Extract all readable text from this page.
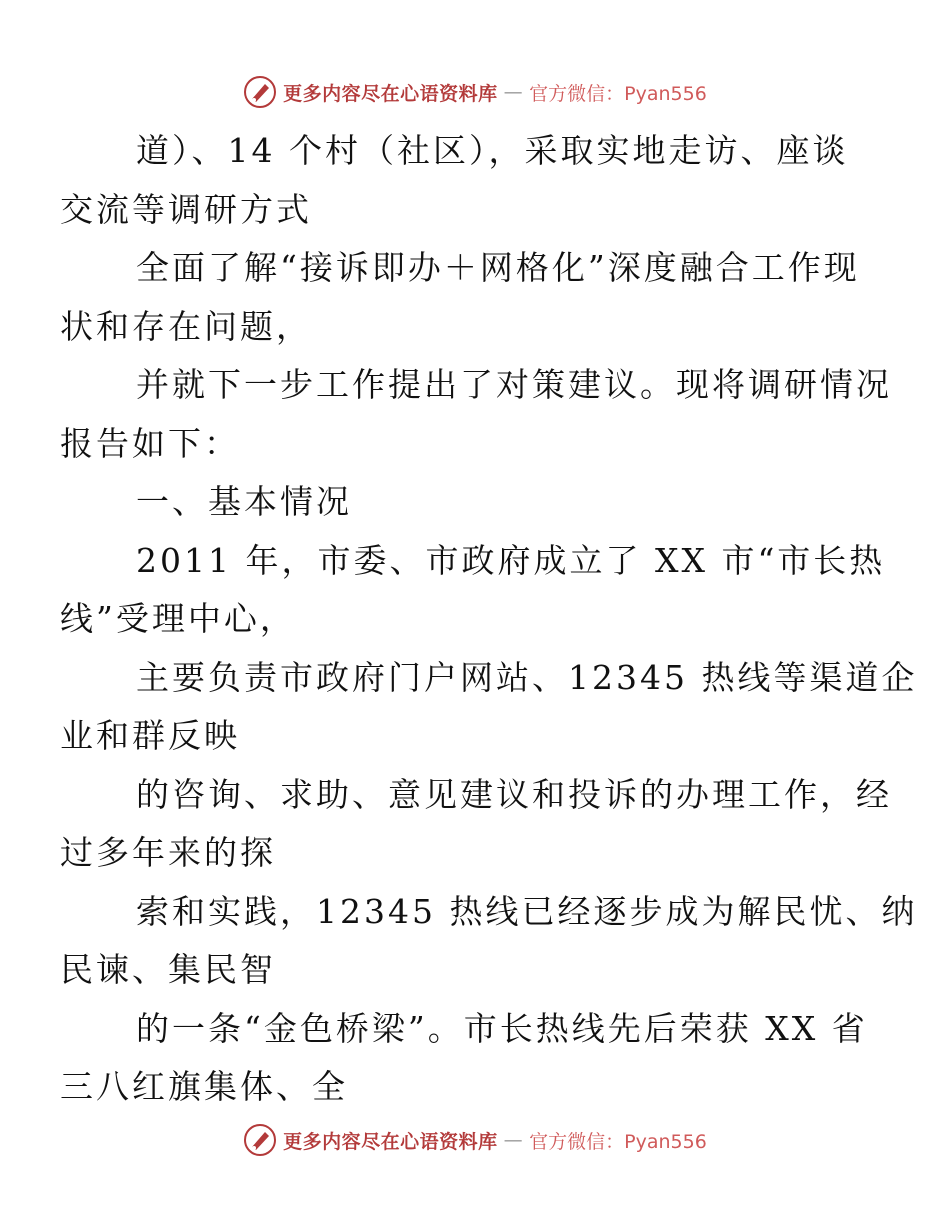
更多内容尽在心语资料库 — 官方微信：Pyan556

道）、14 个村（社区），采取实地走访、座谈
交流等调研方式

全面了解“接诉即办＋网格化”深度融合工作现
状和存在问题，

并就下一步工作提出了对策建议。现将调研情况
报告如下：

一、基本情况

2011 年，市委、市政府成立了 XX 市“市长热
线”受理中心，

主要负责市政府门户网站、12345 热线等渠道企
业和群反映

的咨询、求助、意见建议和投诉的办理工作，经
过多年来的探

索和实践，12345 热线已经逐步成为解民忧、纳
民谏、集民智

的一条“金色桥梁”。市长热线先后荣获 XX 省
三八红旗集体、全

更多内容尽在心语资料库 — 官方微信：Pyan556
